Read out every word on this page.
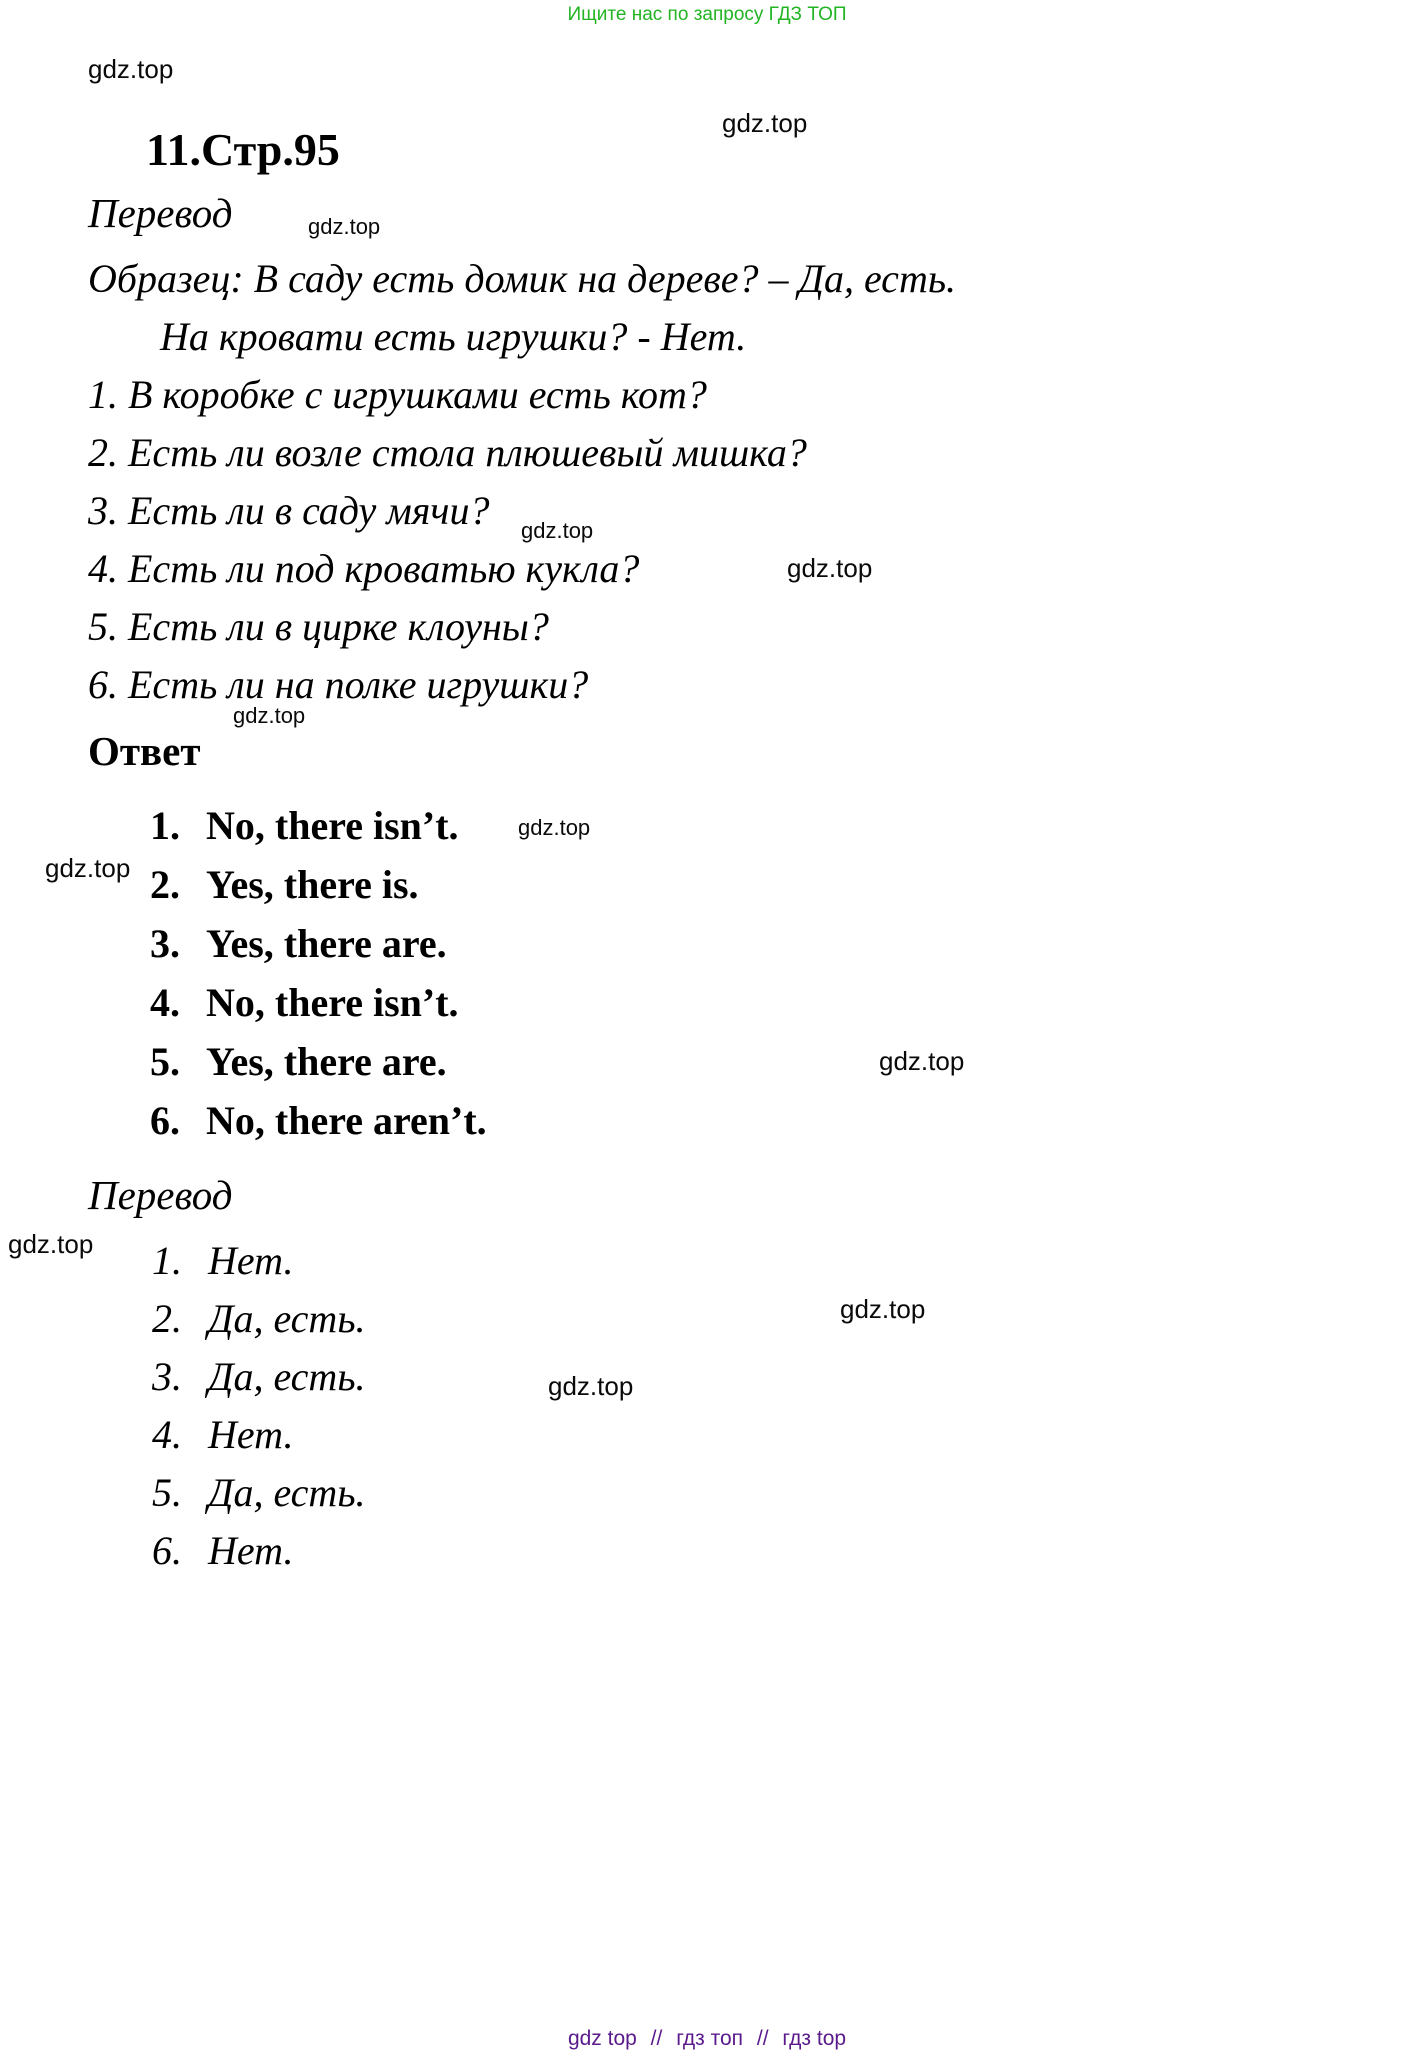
Ищите нас по запросу ГДЗ ТОП
11.Стр.95
Перевод
Образец: В саду есть домик на дереве? – Да, есть.
На кровати есть игрушки? - Нет.
1. В коробке с игрушками есть кот?
2. Есть ли возле стола плюшевый мишка?
3. Есть ли в саду мячи?
4. Есть ли под кроватью кукла?
5. Есть ли в цирке клоуны?
6. Есть ли на полке игрушки?
Ответ
1. No, there isn’t.
2. Yes, there is.
3. Yes, there are.
4. No, there isn’t.
5. Yes, there are.
6. No, there aren’t.
Перевод
1. Нет.
2. Да, есть.
3. Да, есть.
4. Нет.
5. Да, есть.
6. Нет.
gdz.top
gdz.top
gdz.top
gdz.top
gdz.top
gdz.top
gdz.top
gdz.top
gdz.top
gdz.top
gdz.top
gdz.top
gdz top // гдз топ // гдз top
